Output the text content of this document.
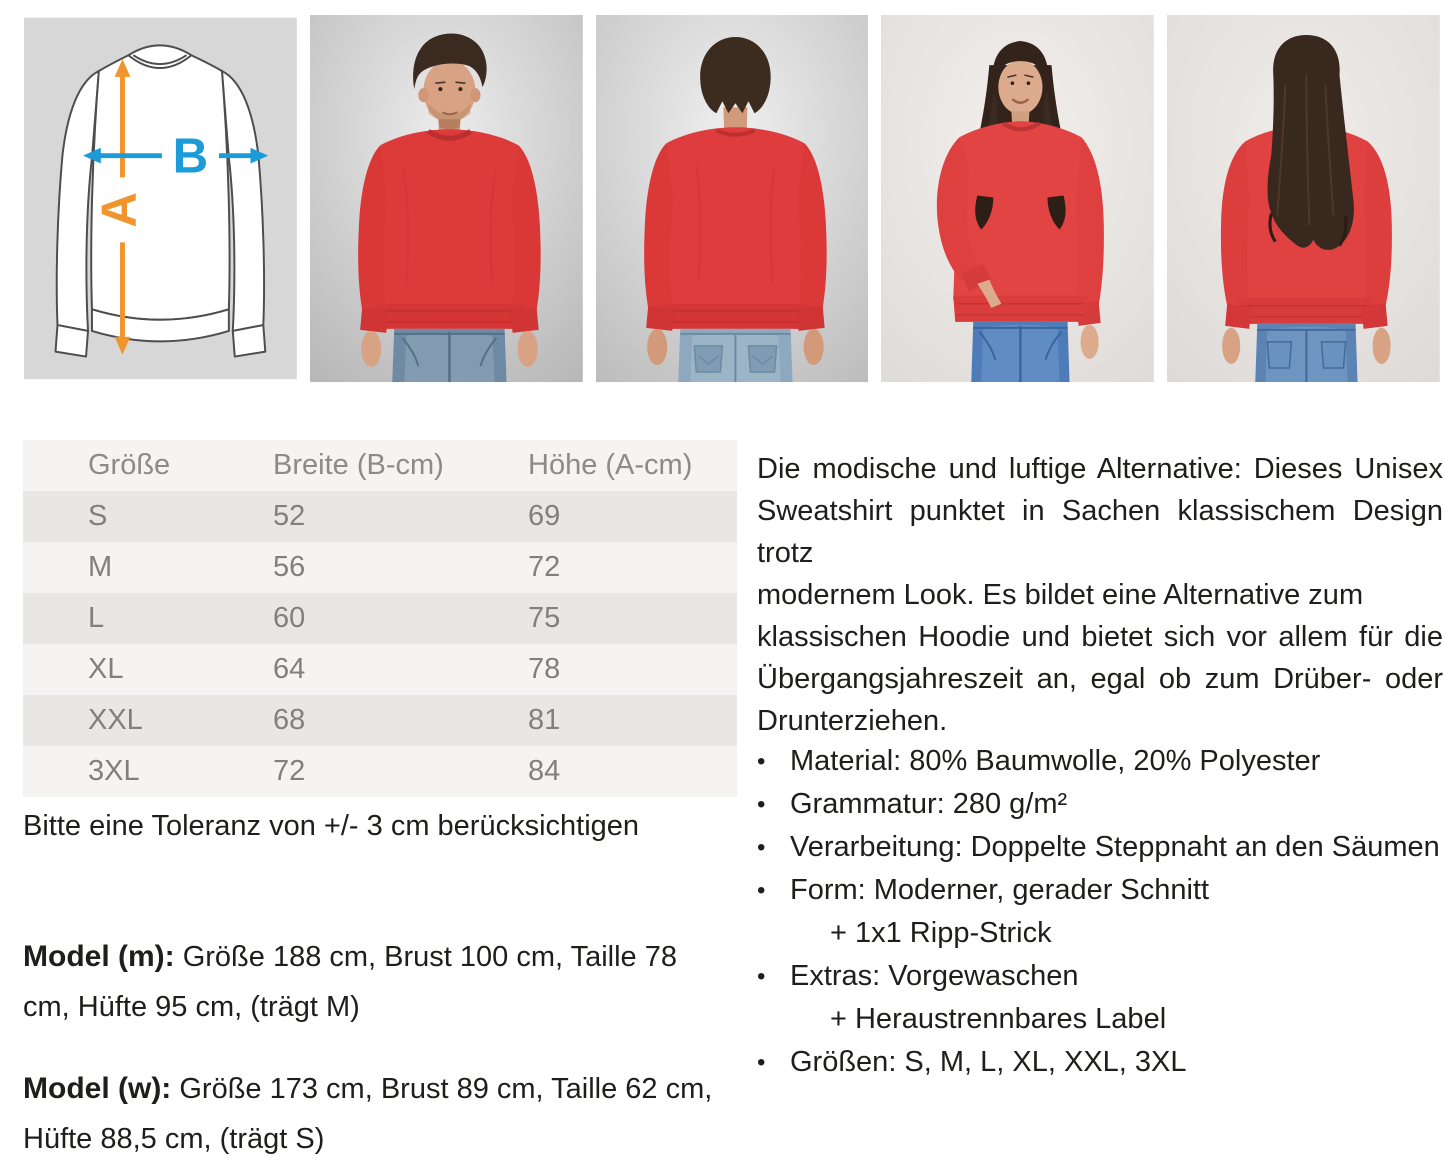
A
B
Größe	Breite (B-cm)	Höhe (A-cm)
S	52	69
M	56	72
L	60	75
XL	64	78
XXL	68	81
3XL	72	84
Bitte eine Toleranz von +/- 3 cm berücksichtigen

Model (m): Größe 188 cm, Brust 100 cm, Taille 78 cm, Hüfte 95 cm, (trägt M)

Model (w): Größe 173 cm, Brust 89 cm, Taille 62 cm, Hüfte 88,5 cm, (trägt S)

Die modische und luftige Alternative: Dieses Unisex
Sweatshirt punktet in Sachen klassischem Design trotz
modernem Look. Es bildet eine Alternative zum
klassischen Hoodie und bietet sich vor allem für die
Übergangsjahreszeit an, egal ob zum Drüber- oder
Drunterziehen.
• Material: 80% Baumwolle, 20% Polyester
• Grammatur: 280 g/m²
• Verarbeitung: Doppelte Steppnaht an den Säumen
• Form: Moderner, gerader Schnitt
+ 1x1 Ripp-Strick
• Extras: Vorgewaschen
+ Heraustrennbares Label
• Größen: S, M, L, XL, XXL, 3XL
